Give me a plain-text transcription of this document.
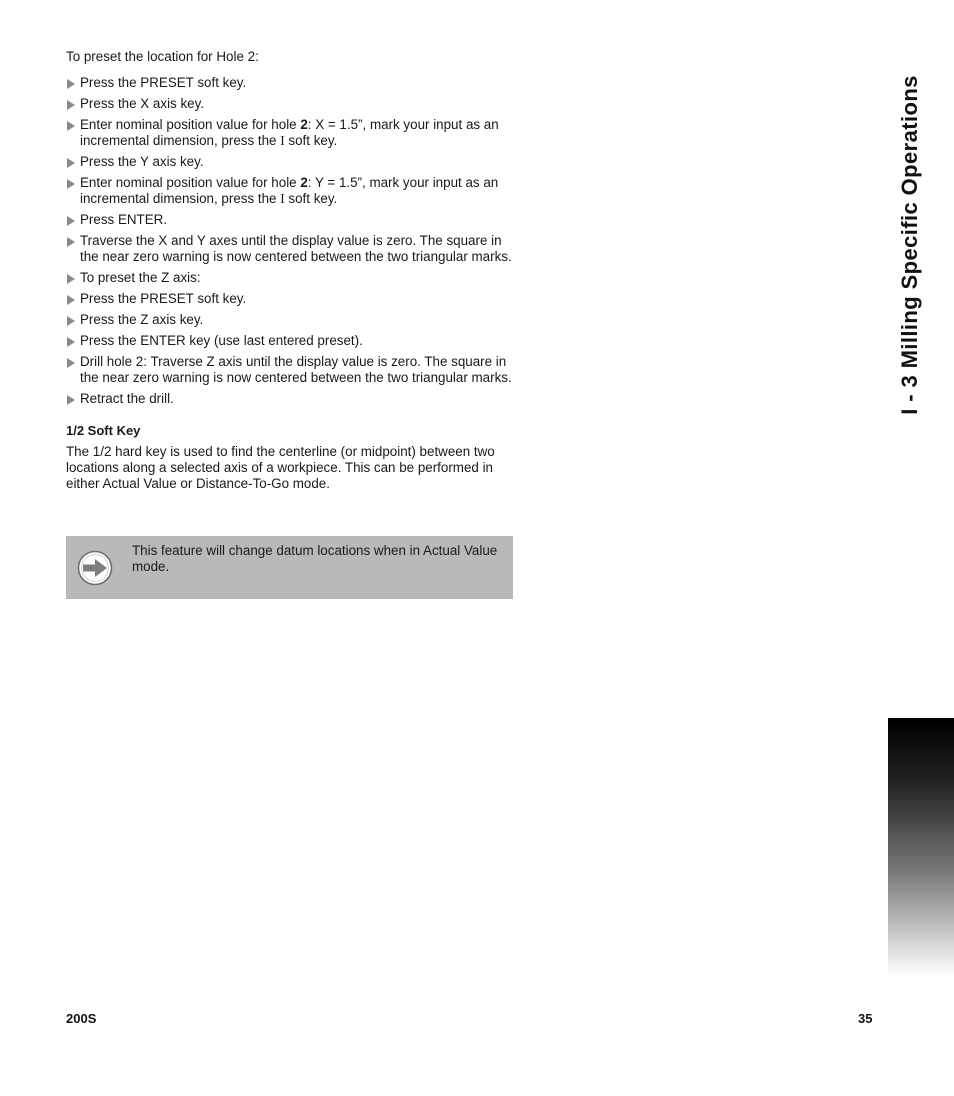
To preset the location for Hole 2:

Press the PRESET soft key.
Press the X axis key.
Enter nominal position value for hole 2: X = 1.5”, mark your input as an incremental dimension, press the I soft key.
Press the Y axis key.
Enter nominal position value for hole 2: Y = 1.5”, mark your input as an incremental dimension, press the I soft key.
Press ENTER.
Traverse the X and Y axes until the display value is zero. The square in the near zero warning is now centered between the two triangular marks.
To preset the Z axis:
Press the PRESET soft key.
Press the Z axis key.
Press the ENTER key (use last entered preset).
Drill hole 2: Traverse Z axis until the display value is zero. The square in the near zero warning is now centered between the two triangular marks.
Retract the drill.
1/2 Soft Key

The 1/2 hard key is used to find the centerline (or midpoint) between two locations along a selected axis of a workpiece. This can be performed in either Actual Value or Distance-To-Go mode.

This feature will change datum locations when in Actual Value mode.
I - 3 Milling Specific Operations
200S	35
